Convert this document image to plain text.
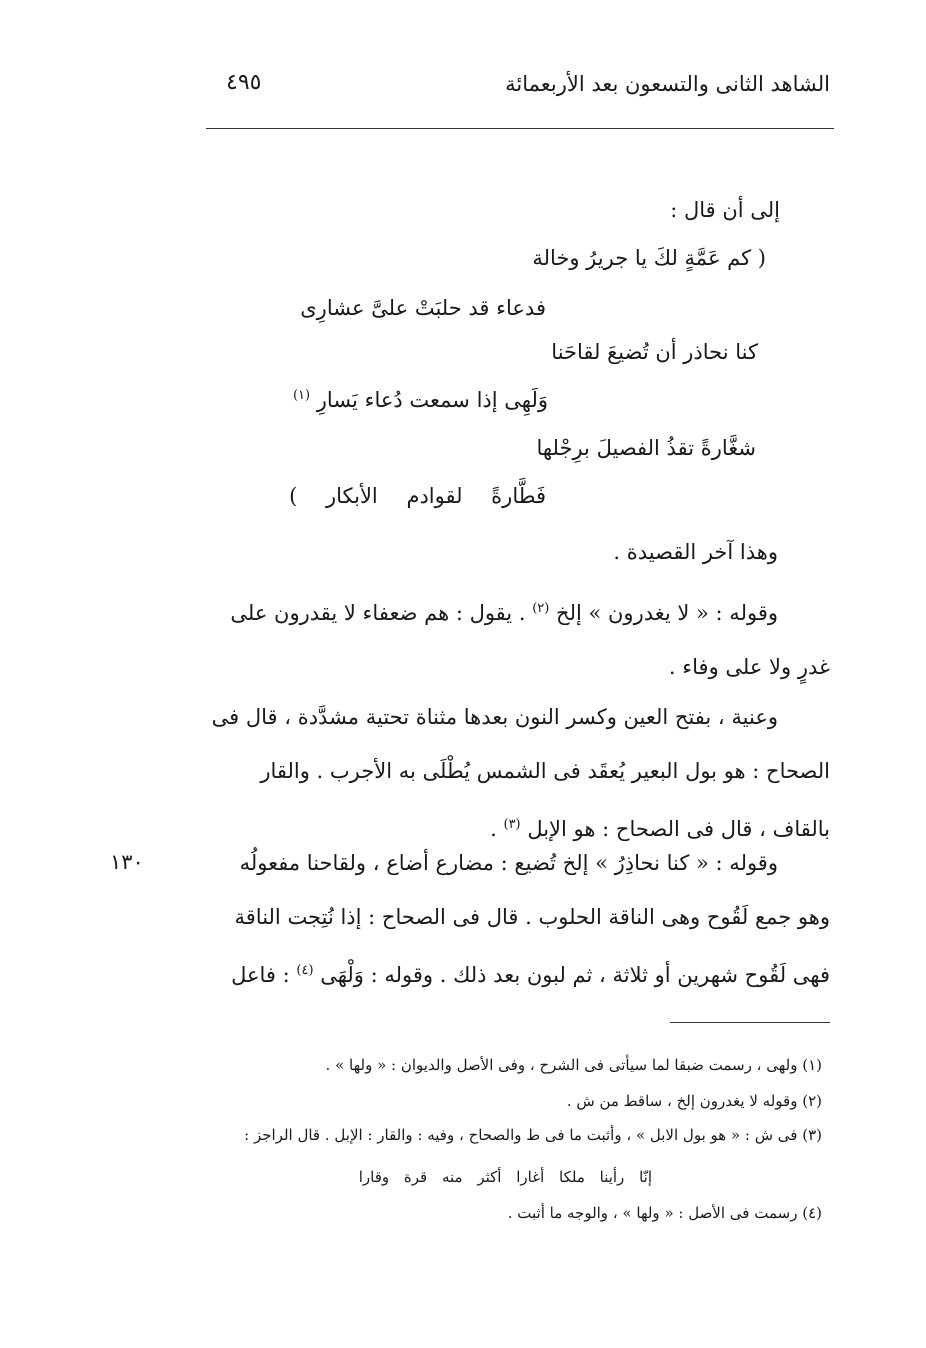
الشاهد الثانى والتسعون بعد الأربعمائة
٤٩٥
إلى أن قال :
( كم عَمَّةٍ لكَ يا جريرُ وخالة
فدعاء قد حلبَتْ علىَّ عشارِى
كنا نحاذر أن تُضيعَ لقاحَنا
وَلَهِى إذا سمعت دُعاء يَسارِ $^{(١)}$
شغَّارةً تقذُ الفصيلَ برِجْلها
فَطَّارةً لقوادم الأبكار )
وهذا آخر القصيدة .
وقوله : « لا يغدرون » إلخ $^{(٢)}$ . يقول : هم ضعفاء لا يقدرون على
غدرٍ ولا على وفاء .
وعنية ، بفتح العين وكسر النون بعدها مثناة تحتية مشدَّدة ، قال فى
الصحاح : هو بول البعير يُعقَد فى الشمس يُطْلَى به الأجرب . والقار
بالقاف ، قال فى الصحاح : هو الإبل $^{(٣)}$ .
١٣٠	وقوله : « كنا نحاذِرُ » إلخ تُضيع : مضارع أضاع ، ولقاحنا مفعولُه
وهو جمع لَقُوح وهى الناقة الحلوب . قال فى الصحاح : إذا نُتِجت الناقة
فهى لَقُوح شهرين أو ثلاثة ، ثم لبون بعد ذلك . وقوله : وَلْهَى $^{(٤)}$ : فاعل
(١) ولهى ، رسمت ضبقا لما سيأتى فى الشرح ، وفى الأصل والديوان : « ولها » .
(٢) وقوله لا يغدرون إلخ ، ساقط من ش .
(٣) فى ش : « هو بول الابل » ، وأثبت ما فى ط والصحاح ، وفيه : والقار : الإبل . قال الراجز :
إنّا رأينا ملكا أغارا أكثر منه قرة وقارا
(٤) رسمت فى الأصل : « ولها » ، والوجه ما أثبت .
